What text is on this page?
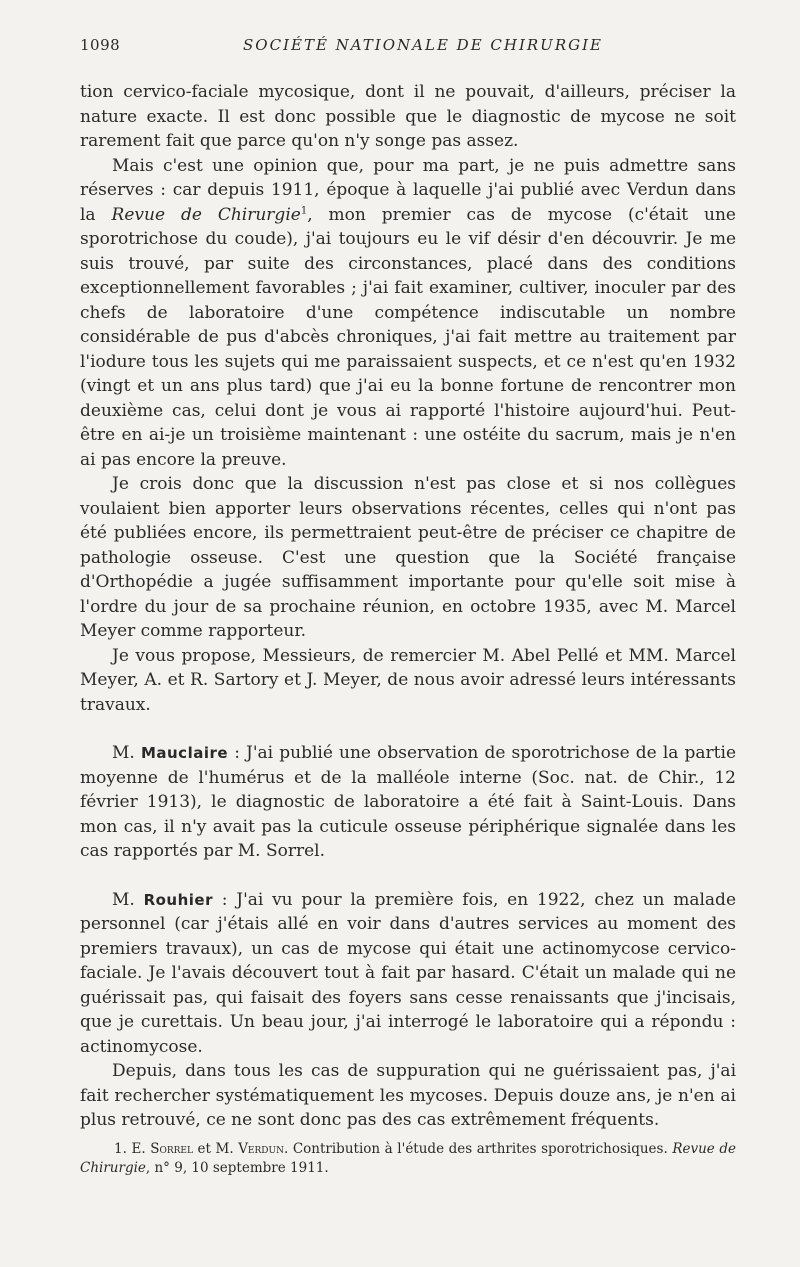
1098	SOCIÉTÉ NATIONALE DE CHIRURGIE

tion cervico-faciale mycosique, dont il ne pouvait, d'ailleurs, préciser la nature exacte. Il est donc possible que le diagnostic de mycose ne soit rarement fait que parce qu'on n'y songe pas assez.

Mais c'est une opinion que, pour ma part, je ne puis admettre sans réserves : car depuis 1911, époque à laquelle j'ai publié avec Verdun dans la Revue de Chirurgie$^1$, mon premier cas de mycose (c'était une sporotrichose du coude), j'ai toujours eu le vif désir d'en découvrir. Je me suis trouvé, par suite des circonstances, placé dans des conditions exceptionnellement favorables ; j'ai fait examiner, cultiver, inoculer par des chefs de laboratoire d'une compétence indiscutable un nombre considérable de pus d'abcès chroniques, j'ai fait mettre au traitement par l'iodure tous les sujets qui me paraissaient suspects, et ce n'est qu'en 1932 (vingt et un ans plus tard) que j'ai eu la bonne fortune de rencontrer mon deuxième cas, celui dont je vous ai rapporté l'histoire aujourd'hui. Peut-être en ai-je un troisième maintenant : une ostéite du sacrum, mais je n'en ai pas encore la preuve.

Je crois donc que la discussion n'est pas close et si nos collègues voulaient bien apporter leurs observations récentes, celles qui n'ont pas été publiées encore, ils permettraient peut-être de préciser ce chapitre de pathologie osseuse. C'est une question que la Société française d'Orthopédie a jugée suffisamment importante pour qu'elle soit mise à l'ordre du jour de sa prochaine réunion, en octobre 1935, avec M. Marcel Meyer comme rapporteur.

Je vous propose, Messieurs, de remercier M. Abel Pellé et MM. Marcel Meyer, A. et R. Sartory et J. Meyer, de nous avoir adressé leurs intéressants travaux.

M. Mauclaire : J'ai publié une observation de sporotrichose de la partie moyenne de l'humérus et de la malléole interne (Soc. nat. de Chir., 12 février 1913), le diagnostic de laboratoire a été fait à Saint-Louis. Dans mon cas, il n'y avait pas la cuticule osseuse périphérique signalée dans les cas rapportés par M. Sorrel.

M. Rouhier : J'ai vu pour la première fois, en 1922, chez un malade personnel (car j'étais allé en voir dans d'autres services au moment des premiers travaux), un cas de mycose qui était une actinomycose cervico-faciale. Je l'avais découvert tout à fait par hasard. C'était un malade qui ne guérissait pas, qui faisait des foyers sans cesse renaissants que j'incisais, que je curettais. Un beau jour, j'ai interrogé le laboratoire qui a répondu : actinomycose.

Depuis, dans tous les cas de suppuration qui ne guérissaient pas, j'ai fait rechercher systématiquement les mycoses. Depuis douze ans, je n'en ai plus retrouvé, ce ne sont donc pas des cas extrêmement fréquents.

1. E. Sorrel et M. Verdun. Contribution à l'étude des arthrites sporotrichosiques. Revue de Chirurgie, n° 9, 10 septembre 1911.
